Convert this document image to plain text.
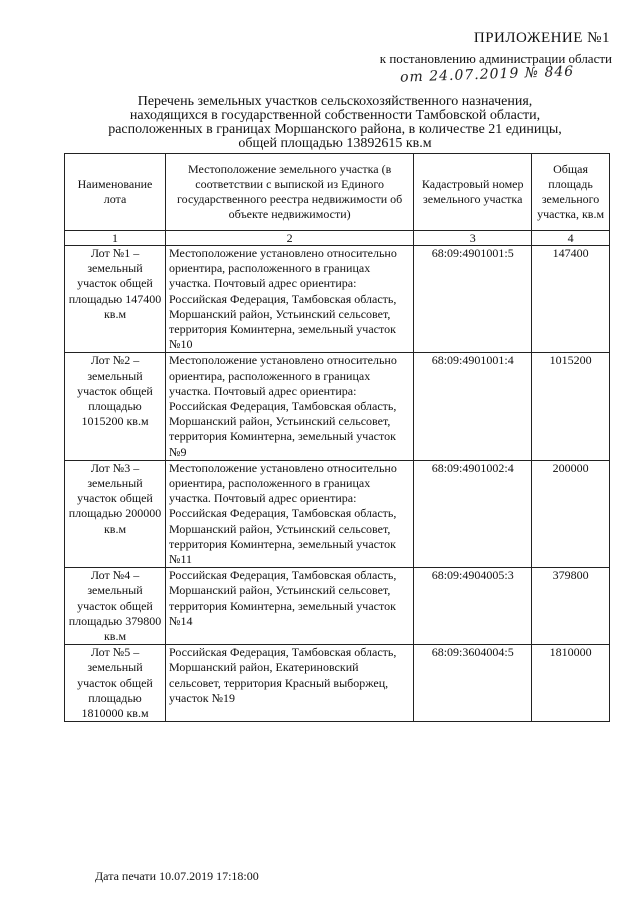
ПРИЛОЖЕНИЕ №1
к постановлению администрации области
от 24.07.2019 № 846
Перечень земельных участков сельскохозяйственного назначения,
находящихся в государственной собственности Тамбовской области,
расположенных в границах Моршанского района, в количестве 21 единицы,
общей площадью 13892615 кв.м
Наименование лота	Местоположение земельного участка (в соответствии с выпиской из Единого государственного реестра недвижимости об объекте недвижимости)	Кадастровый номер земельного участка	Общая площадь земельного участка, кв.м
1	2	3	4
Лот №1 – земельный участок общей площадью 147400 кв.м	Местоположение установлено относительно ориентира, расположенного в границах участка. Почтовый адрес ориентира: Российская Федерация, Тамбовская область, Моршанский район, Устьинский сельсовет, территория Коминтерна, земельный участок №10	68:09:4901001:5	147400
Лот №2 – земельный участок общей площадью 1015200 кв.м	Местоположение установлено относительно ориентира, расположенного в границах участка. Почтовый адрес ориентира: Российская Федерация, Тамбовская область, Моршанский район, Устьинский сельсовет, территория Коминтерна, земельный участок №9	68:09:4901001:4	1015200
Лот №3 – земельный участок общей площадью 200000 кв.м	Местоположение установлено относительно ориентира, расположенного в границах участка. Почтовый адрес ориентира: Российская Федерация, Тамбовская область, Моршанский район, Устьинский сельсовет, территория Коминтерна, земельный участок №11	68:09:4901002:4	200000
Лот №4 – земельный участок общей площадью 379800 кв.м	Российская Федерация, Тамбовская область, Моршанский район, Устьинский сельсовет, территория Коминтерна, земельный участок №14	68:09:4904005:3	379800
Лот №5 – земельный участок общей площадью 1810000 кв.м	Российская Федерация, Тамбовская область, Моршанский район, Екатериновский сельсовет, территория Красный выборжец, участок №19	68:09:3604004:5	1810000
Дата печати 10.07.2019 17:18:00
